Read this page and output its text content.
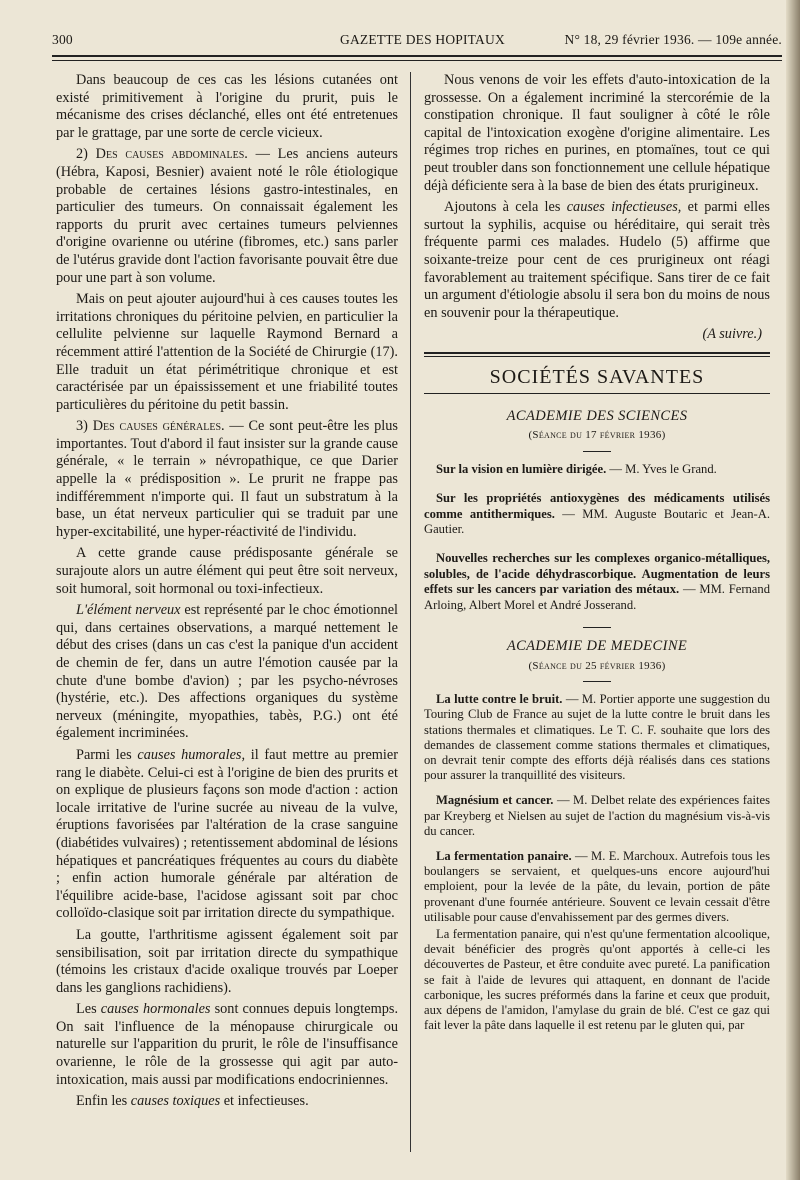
300	GAZETTE DES HOPITAUX	N° 18, 29 février 1936. — 109e année.

Dans beaucoup de ces cas les lésions cutanées ont existé primitivement à l'origine du prurit, puis le mécanisme des crises déclanché, elles ont été entretenues par le grattage, par une sorte de cercle vicieux.

2) Des causes abdominales. — Les anciens auteurs (Hébra, Kaposi, Besnier) avaient noté le rôle étiologique probable de certaines lésions gastro-intestinales, en particulier des tumeurs. On connaissait également les rapports du prurit avec certaines tumeurs pelviennes d'origine ovarienne ou utérine (fibromes, etc.) sans parler de l'utérus gravide dont l'action favorisante pouvait être due pour une part à son volume.

Mais on peut ajouter aujourd'hui à ces causes toutes les irritations chroniques du péritoine pelvien, en particulier la cellulite pelvienne sur laquelle Raymond Bernard a récemment attiré l'attention de la Société de Chirurgie (17). Elle traduit un état périmétritique chronique et est caractérisée par un épaississement et une friabilité toutes particulières du péritoine du petit bassin.

3) Des causes générales. — Ce sont peut-être les plus importantes. Tout d'abord il faut insister sur la grande cause générale, « le terrain » névropathique, ce que Darier appelle la « prédisposition ». Le prurit ne frappe pas indifféremment n'importe qui. Il faut un substratum à la base, un état nerveux particulier qui se traduit par une hyper-excitabilité, une hyper-réactivité de l'individu.

A cette grande cause prédisposante générale se surajoute alors un autre élément qui peut être soit nerveux, soit humoral, soit hormonal ou toxi-infectieux.

L'élément nerveux est représenté par le choc émotionnel qui, dans certaines observations, a marqué nettement le début des crises (dans un cas c'est la panique d'un accident de chemin de fer, dans un autre l'émotion causée par la chute d'une bombe d'avion) ; par les psycho-névroses (hystérie, etc.). Des affections organiques du système nerveux (méningite, myopathies, tabès, P.G.) ont été également incriminées.

Parmi les causes humorales, il faut mettre au premier rang le diabète. Celui-ci est à l'origine de bien des prurits et on explique de plusieurs façons son mode d'action : action locale irritative de l'urine sucrée au niveau de la vulve, éruptions favorisées par l'altération de la crase sanguine (diabétides vulvaires) ; retentissement abdominal de lésions hépatiques et pancréatiques fréquentes au cours du diabète ; enfin action humorale générale par altération de l'équilibre acide-base, l'acidose agissant soit par choc colloïdo-clasique soit par irritation directe du sympathique.

La goutte, l'arthritisme agissent également soit par sensibilisation, soit par irritation directe du sympathique (témoins les cristaux d'acide oxalique trouvés par Loeper dans les ganglions rachidiens).

Les causes hormonales sont connues depuis longtemps. On sait l'influence de la ménopause chirurgicale ou naturelle sur l'apparition du prurit, le rôle de l'insuffisance ovarienne, le rôle de la grossesse qui agit par auto-intoxication, mais aussi par modifications endocriniennes.

Enfin les causes toxiques et infectieuses.

Nous venons de voir les effets d'auto-intoxication de la grossesse. On a également incriminé la stercorémie de la constipation chronique. Il faut souligner à côté le rôle capital de l'intoxication exogène d'origine alimentaire. Les régimes trop riches en purines, en ptomaïnes, tout ce qui peut troubler dans son fonctionnement une cellule hépatique déjà déficiente sera à la base de bien des états prurigineux.

Ajoutons à cela les causes infectieuses, et parmi elles surtout la syphilis, acquise ou héréditaire, qui serait très fréquente parmi ces malades. Hudelo (5) affirme que soixante-treize pour cent de ces prurigineux ont réagi favorablement au traitement spécifique. Sans tirer de ce fait un argument d'étiologie absolu il sera bon du moins de nous en souvenir pour la thérapeutique.

(A suivre.)

SOCIÉTÉS SAVANTES
ACADEMIE DES SCIENCES
(Séance du 17 février 1936)
Sur la vision en lumière dirigée. — M. Yves le Grand.
Sur les propriétés antioxygènes des médicaments utilisés comme antithermiques. — MM. Auguste Boutaric et Jean-A. Gautier.
Nouvelles recherches sur les complexes organico-métalliques, solubles, de l'acide déhydrascorbique. Augmentation de leurs effets sur les cancers par variation des métaux. — MM. Fernand Arloing, Albert Morel et André Josserand.
ACADEMIE DE MEDECINE
(Séance du 25 février 1936)

La lutte contre le bruit. — M. Portier apporte une suggestion du Touring Club de France au sujet de la lutte contre le bruit dans les stations thermales et climatiques. Le T. C. F. souhaite que lors des demandes de classement comme stations thermales et climatiques, on devrait tenir compte des efforts déjà réalisés dans ces stations pour assurer la tranquillité des visiteurs.

Magnésium et cancer. — M. Delbet relate des expériences faites par Kreyberg et Nielsen au sujet de l'action du magnésium vis-à-vis du cancer.

La fermentation panaire. — M. E. Marchoux. Autrefois tous les boulangers se servaient, et quelques-uns encore aujourd'hui emploient, pour la levée de la pâte, du levain, portion de pâte provenant d'une fournée antérieure. Souvent ce levain cessait d'être utilisable pour cause d'envahissement par des germes divers.

La fermentation panaire, qui n'est qu'une fermentation alcoolique, devait bénéficier des progrès qu'ont apportés à celle-ci les découvertes de Pasteur, et être conduite avec pureté. La panification se fait à l'aide de levures qui attaquent, en donnant de l'acide carbonique, les sucres préformés dans la farine et ceux que produit, aux dépens de l'amidon, l'amylase du grain de blé. C'est ce gaz qui fait lever la pâte dans laquelle il est retenu par le gluten qui, par
